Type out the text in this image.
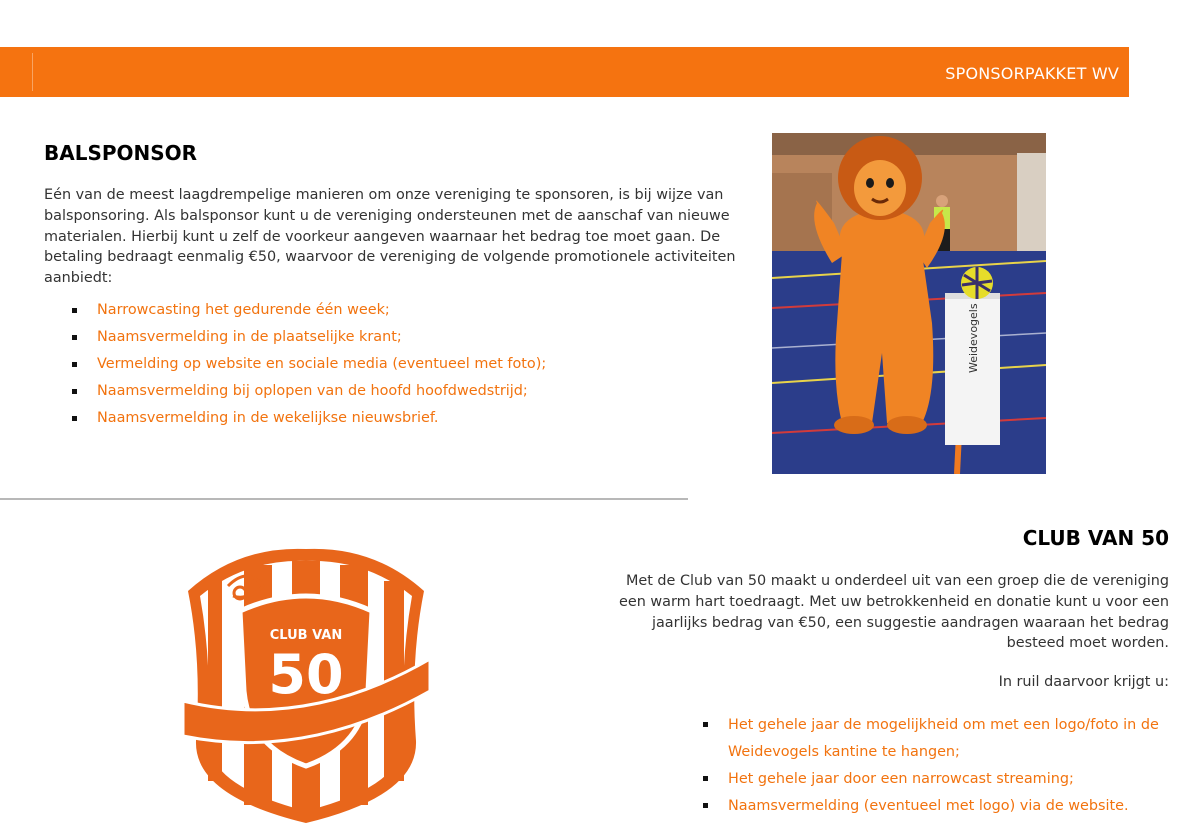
SPONSORPAKKET WV
BALSPONSOR

Eén van de meest laagdrempelige manieren om onze vereniging te sponsoren, is bij wijze van balsponsoring. Als balsponsor kunt u de vereniging ondersteunen met de aanschaf van nieuwe materialen. Hierbij kunt u zelf de voorkeur aangeven waarnaar het bedrag toe moet gaan. De betaling bedraagt eenmalig €50, waarvoor de vereniging de volgende promotionele activiteiten aanbiedt:

Narrowcasting het gedurende één week;
Naamsvermelding in de plaatselijke krant;
Vermelding op website en sociale media (eventueel met foto);
Naamsvermelding bij oplopen van de hoofd hoofdwedstrijd;
Naamsvermelding in de wekelijkse nieuwsbrief.
Weidevogels
CLUB VAN
50
CLUB VAN 50

Met de Club van 50 maakt u onderdeel uit van een groep die de vereniging een warm hart toedraagt. Met uw betrokkenheid en donatie kunt u voor een jaarlijks bedrag van €50, een suggestie aandragen waaraan het bedrag besteed moet worden.

In ruil daarvoor krijgt u:

Het gehele jaar de mogelijkheid om met een logo/foto in de Weidevogels kantine te hangen;
Het gehele jaar door een narrowcast streaming;
Naamsvermelding (eventueel met logo) via de website.
